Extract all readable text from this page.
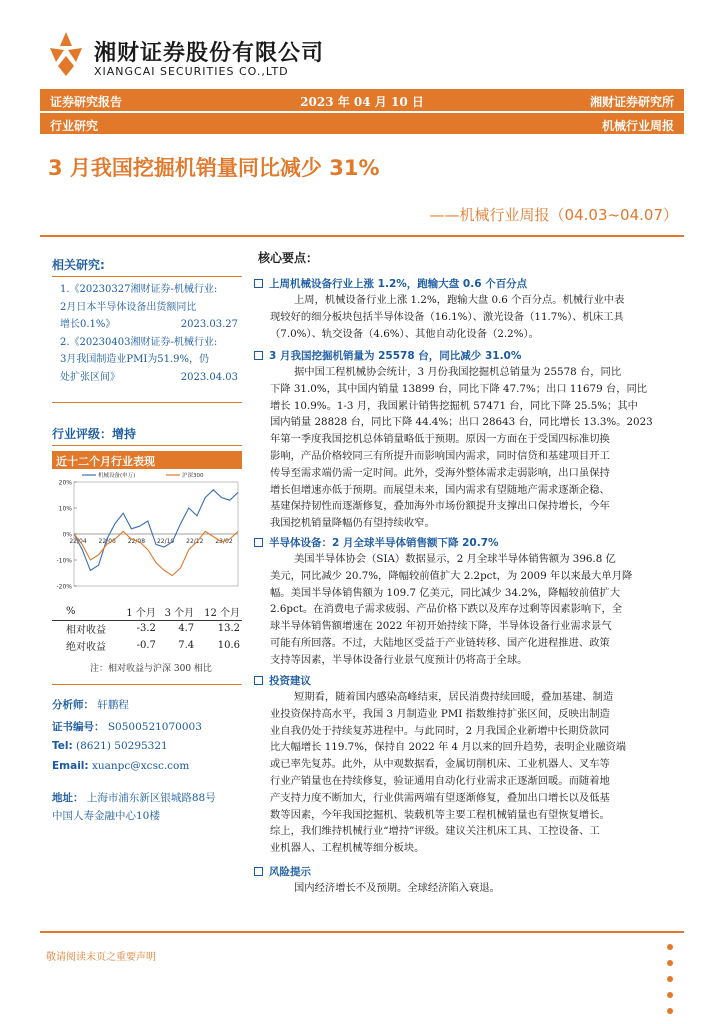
湘财证券股份有限公司
XIANGCAI SECURITIES CO.,LTD
证券研究报告	2023 年 04 月 10 日	湘财证券研究所
行业研究	机械行业周报
3 月我国挖掘机销量同比减少 31%
——机械行业周报（04.03~04.07）
相关研究:
1.《20230327湘财证券-机械行业:
2月日本半导体设备出货额同比
增长0.1%》	2023.03.27
2.《20230403湘财证券-机械行业:
3月我国制造业PMI为51.9%，仍
处扩张区间》	2023.04.03
行业评级：增持
近十二个月行业表现
20%
10%
0%
-10%
-20%
22/04 22/06 22/08 22/10 22/12 23/02
机械设备(申万)	沪深300
%	1 个月	3 个月	12 个月
相对收益	-3.2	4.7	13.2
绝对收益	-0.7	7.4	10.6
注：相对收益与沪深 300 相比
分析师： 轩鹏程
证书编号： S0500521070003
Tel: (8621) 50295321
Email: xuanpc@xcsc.com
地址： 上海市浦东新区银城路88号
中国人寿金融中心10楼
核心要点：
上周机械设备行业上涨 1.2%，跑输大盘 0.6 个百分点
上周，机械设备行业上涨 1.2%，跑输大盘 0.6 个百分点。机械行业中表
现较好的细分板块包括半导体设备（16.1%）、激光设备（11.7%）、机床工具
（7.0%）、轨交设备（4.6%）、其他自动化设备（2.2%）。
3 月我国挖掘机销量为 25578 台，同比减少 31.0%
据中国工程机械协会统计，3 月份我国挖掘机总销量为 25578 台，同比
下降 31.0%，其中国内销量 13899 台，同比下降 47.7%；出口 11679 台，同比
增长 10.9%。1-3 月，我国累计销售挖掘机 57471 台，同比下降 25.5%；其中
国内销量 28828 台，同比下降 44.4%；出口 28643 台，同比增长 13.3%。2023
年第一季度我国挖机总体销量略低于预期。原因一方面在于受国四标准切换
影响，产品价格较同三有所提升而影响国内需求，同时信贷和基建项目开工
传导至需求端仍需一定时间。此外，受海外整体需求走弱影响，出口虽保持
增长但增速亦低于预期。而展望未来，国内需求有望随地产需求逐渐企稳、
基建保持韧性而逐渐修复，叠加海外市场份额提升支撑出口保持增长，今年
我国挖机销量降幅仍有望持续收窄。
半导体设备：2 月全球半导体销售额下降 20.7%
美国半导体协会（SIA）数据显示，2 月全球半导体销售额为 396.8 亿
美元，同比减少 20.7%，降幅较前值扩大 2.2pct，为 2009 年以来最大单月降
幅。美国半导体销售额为 109.7 亿美元，同比减少 34.2%，降幅较前值扩大
2.6pct。在消费电子需求疲弱、产品价格下跌以及库存过剩等因素影响下，全
球半导体销售额增速在 2022 年初开始持续下降，半导体设备行业需求景气
可能有所回落。不过，大陆地区受益于产业链转移、国产化进程推进、政策
支持等因素，半导体设备行业景气度预计仍将高于全球。
投资建议
短期看，随着国内感染高峰结束，居民消费持续回暖，叠加基建、制造
业投资保持高水平，我国 3 月制造业 PMI 指数维持扩张区间，反映出制造
业自我仍处于持续复苏进程中。与此同时，2 月我国企业新增中长期贷款同
比大幅增长 119.7%，保持自 2022 年 4 月以来的回升趋势，表明企业融资端
或已率先复苏。此外，从中观数据看，金属切削机床、工业机器人、叉车等
行业产销量也在持续修复，验证通用自动化行业需求正逐渐回暖。而随着地
产支持力度不断加大，行业供需两端有望逐渐修复，叠加出口增长以及低基
数等因素，今年我国挖掘机、装载机等主要工程机械销量也有望恢复增长。
综上，我们维持机械行业“增持”评级。建议关注机床工具、工控设备、工
业机器人、工程机械等细分板块。
风险提示
国内经济增长不及预期。全球经济陷入衰退。
敬请阅读末页之重要声明
